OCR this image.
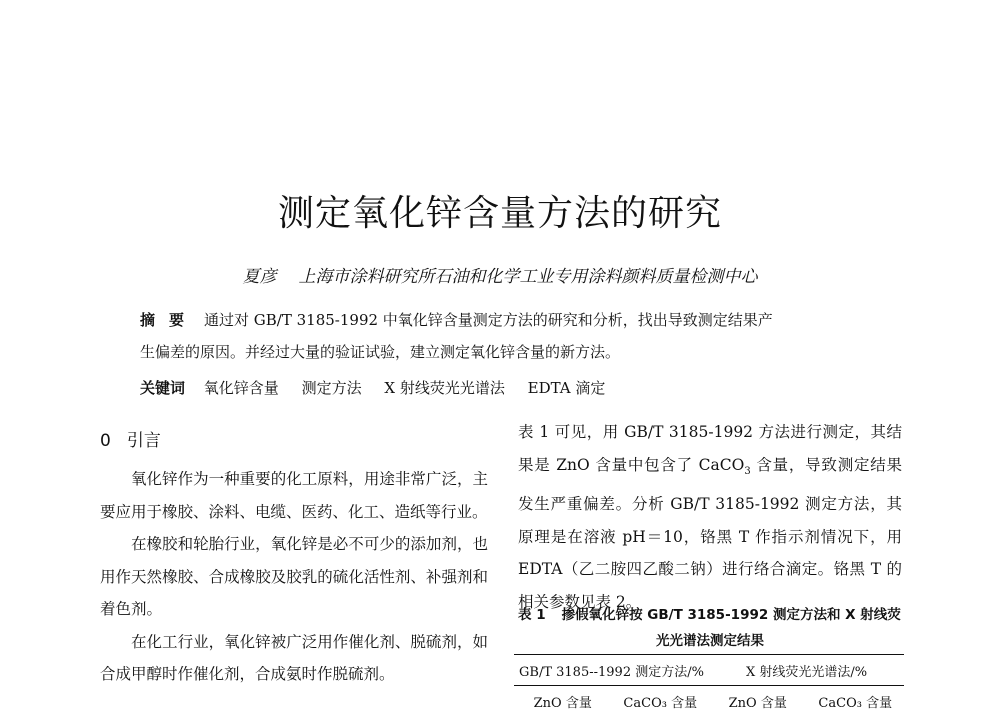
测定氧化锌含量方法的研究
夏彦 上海市涂料研究所石油和化学工业专用涂料颜料质量检测中心
摘要 通过对 GB/T 3185-1992 中氧化锌含量测定方法的研究和分析，找出导致测定结果产
生偏差的原因。并经过大量的验证试验，建立测定氧化锌含量的新方法。
关键词 氧化锌含量 测定方法 X 射线荧光光谱法 EDTA 滴定
0 引言

氧化锌作为一种重要的化工原料，用途非常广泛，主要应用于橡胶、涂料、电缆、医药、化工、造纸等行业。

在橡胶和轮胎行业，氧化锌是必不可少的添加剂，也用作天然橡胶、合成橡胶及胶乳的硫化活性剂、补强剂和着色剂。

在化工行业，氧化锌被广泛用作催化剂、脱硫剂，如合成甲醇时作催化剂，合成氨时作脱硫剂。

表 1 可见，用 GB/T 3185-1992 方法进行测定，其结果是 ZnO 含量中包含了 CaCO$_3$ 含量，导致测定结果发生严重偏差。分析 GB/T 3185-1992 测定方法，其原理是在溶液 pH＝10，铬黑 T 作指示剂情况下，用 EDTA（乙二胺四乙酸二钠）进行络合滴定。铬黑 T 的相关参数见表 2。

表 1 掺假氧化锌按 GB/T 3185-1992 测定方法和 X 射线荧
光光谱法测定结果
GB/T 3185--1992 测定方法/%	X 射线荧光光谱法/%
ZnO 含量	CaCO₃ 含量	ZnO 含量	CaCO₃ 含量
